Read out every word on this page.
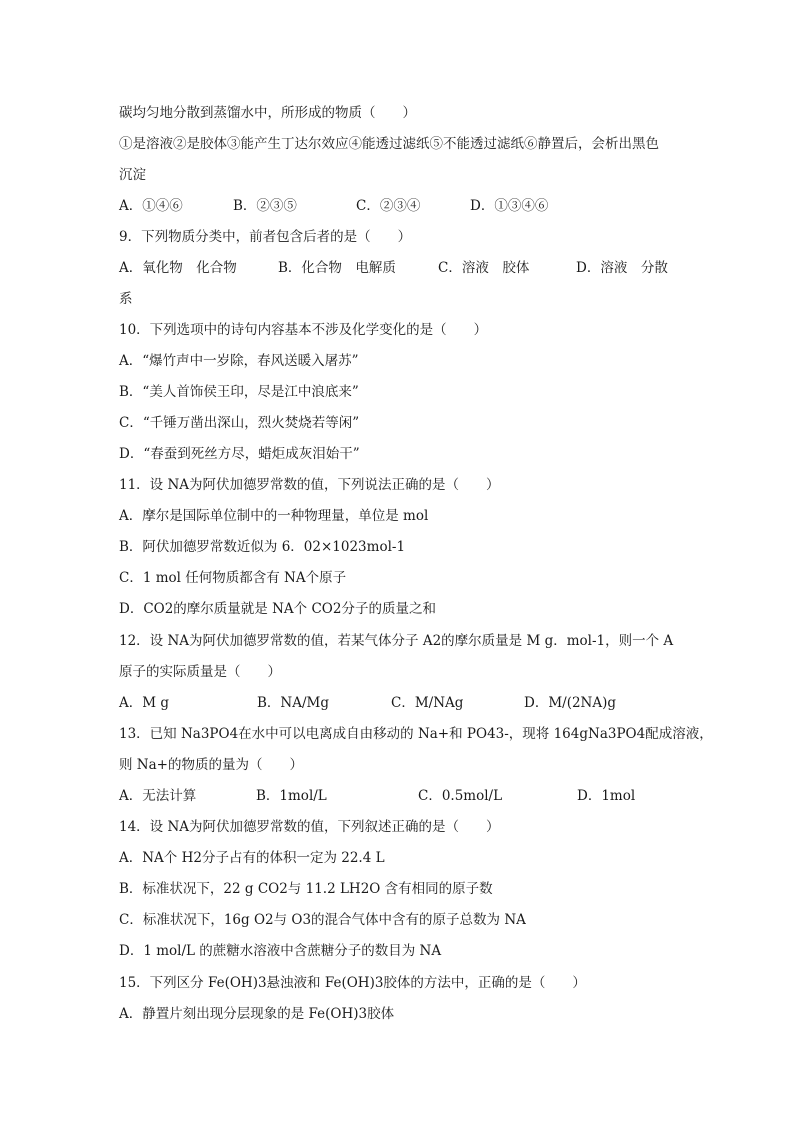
碳均匀地分散到蒸馏水中，所形成的物质（　　）
①是溶液②是胶体③能产生丁达尔效应④能透过滤纸⑤不能透过滤纸⑥静置后，会析出黑色
沉淀
A．①④⑥	B．②③⑤	C．②③④	D．①③④⑥
9．下列物质分类中，前者包含后者的是（　　）
A．氧化物　化合物	B．化合物　电解质	C．溶液　胶体	D．溶液　分散
系
10．下列选项中的诗句内容基本不涉及化学变化的是（　　）
A．“爆竹声中一岁除，春风送暖入屠苏”
B．“美人首饰侯王印，尽是江中浪底来”
C．“千锤万凿出深山，烈火焚烧若等闲”
D．“春蚕到死丝方尽，蜡炬成灰泪始干”
11．设 NA为阿伏加德罗常数的值，下列说法正确的是（　　）
A．摩尔是国际单位制中的一种物理量，单位是 mol
B．阿伏加德罗常数近似为 6．02×1023mol-1
C．1 mol 任何物质都含有 NA个原子
D．CO2的摩尔质量就是 NA个 CO2分子的质量之和
12．设 NA为阿伏加德罗常数的值，若某气体分子 A2的摩尔质量是 M g．mol-1，则一个 A
原子的实际质量是（　　）
A．M g	B．NA/Mg	C．M/NAg	D．M/(2NA)g
13．已知 Na3PO4在水中可以电离成自由移动的 Na+和 PO43-，现将 164gNa3PO4配成溶液，
则 Na+的物质的量为（　　）
A．无法计算	B．1mol/L	C．0.5mol/L	D．1mol
14．设 NA为阿伏加德罗常数的值，下列叙述正确的是（　　）
A．NA个 H2分子占有的体积一定为 22.4 L
B．标准状况下，22 g CO2与 11.2 LH2O 含有相同的原子数
C．标准状况下，16g O2与 O3的混合气体中含有的原子总数为 NA
D．1 mol/L 的蔗糖水溶液中含蔗糖分子的数目为 NA
15．下列区分 Fe(OH)3悬浊液和 Fe(OH)3胶体的方法中，正确的是（　　）
A．静置片刻出现分层现象的是 Fe(OH)3胶体
